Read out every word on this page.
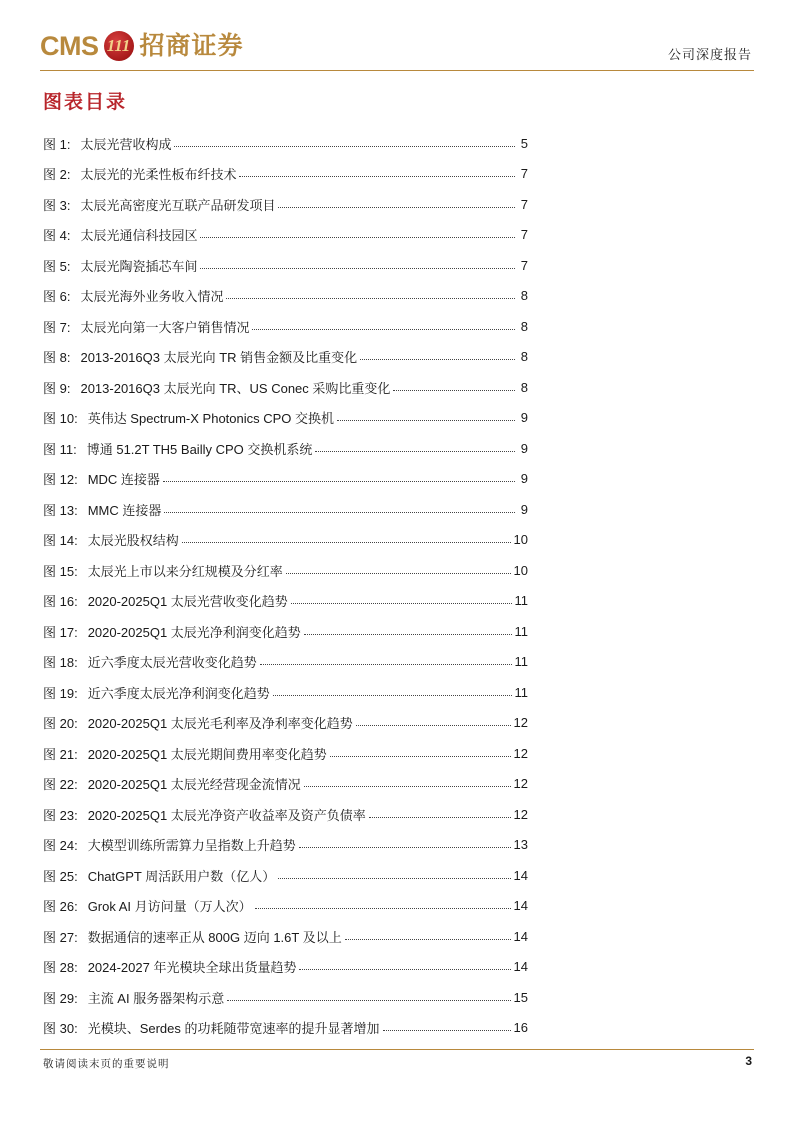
CMS 111 招商证券	公司深度报告
图表目录
图 1: 太辰光营收构成	5
图 2: 太辰光的光柔性板布纤技术	7
图 3: 太辰光高密度光互联产品研发项目	7
图 4: 太辰光通信科技园区	7
图 5: 太辰光陶瓷插芯车间	7
图 6: 太辰光海外业务收入情况	8
图 7: 太辰光向第一大客户销售情况	8
图 8: 2013-2016Q3 太辰光向 TR 销售金额及比重变化	8
图 9: 2013-2016Q3 太辰光向 TR、US Conec 采购比重变化	8
图 10: 英伟达 Spectrum-X Photonics CPO 交换机	9
图 11: 博通 51.2T TH5 Bailly CPO 交换机系统	9
图 12: MDC 连接器	9
图 13: MMC 连接器	9
图 14: 太辰光股权结构	10
图 15: 太辰光上市以来分红规模及分红率	10
图 16: 2020-2025Q1 太辰光营收变化趋势	11
图 17: 2020-2025Q1 太辰光净利润变化趋势	11
图 18: 近六季度太辰光营收变化趋势	11
图 19: 近六季度太辰光净利润变化趋势	11
图 20: 2020-2025Q1 太辰光毛利率及净利率变化趋势	12
图 21: 2020-2025Q1 太辰光期间费用率变化趋势	12
图 22: 2020-2025Q1 太辰光经营现金流情况	12
图 23: 2020-2025Q1 太辰光净资产收益率及资产负债率	12
图 24: 大模型训练所需算力呈指数上升趋势	13
图 25: ChatGPT 周活跃用户数（亿人）	14
图 26: Grok AI 月访问量（万人次）	14
图 27: 数据通信的速率正从 800G 迈向 1.6T 及以上	14
图 28: 2024-2027 年光模块全球出货量趋势	14
图 29: 主流 AI 服务器架构示意	15
图 30: 光模块、Serdes 的功耗随带宽速率的提升显著增加	16
敬请阅读末页的重要说明	3
